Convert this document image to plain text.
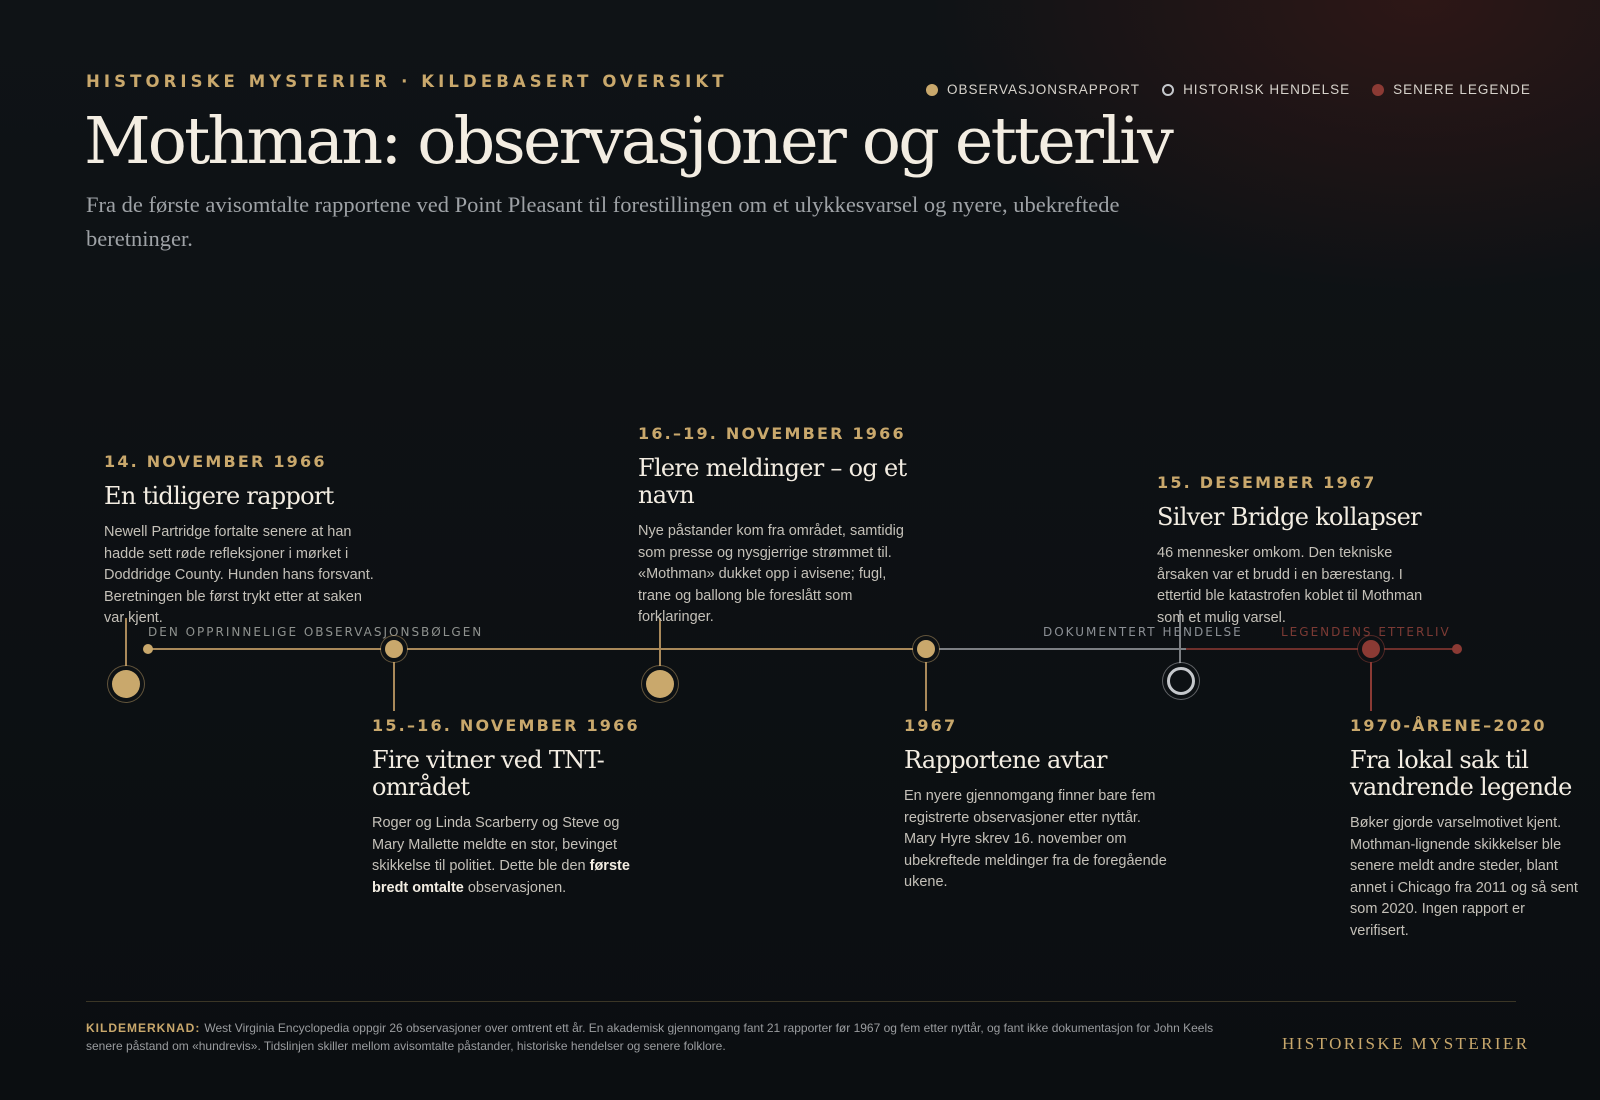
HISTORISKE MYSTERIER · KILDEBASERT OVERSIKT	OBSERVASJONSRAPPORT	HISTORISK HENDELSE	SENERE LEGENDE
Mothman: observasjoner og etterliv

Fra de første avisomtalte rapportene ved Point Pleasant til forestillingen om et ulykkesvarsel og nyere, ubekreftede beretninger.

DEN OPPRINNELIGE OBSERVASJONSBØLGEN	DOKUMENTERT HENDELSE	LEGENDENS ETTERLIV
14. NOVEMBER 1966
En tidligere rapport
Newell Partridge fortalte senere at han hadde sett røde refleksjoner i mørket i Doddridge County. Hunden hans forsvant. Beretningen ble først trykt etter at saken var kjent.
15.–16. NOVEMBER 1966
Fire vitner ved TNT-området
Roger og Linda Scarberry og Steve og Mary Mallette meldte en stor, bevinget skikkelse til politiet. Dette ble den første bredt omtalte observasjonen.
16.–19. NOVEMBER 1966
Flere meldinger – og et navn
Nye påstander kom fra området, samtidig som presse og nysgjerrige strømmet til. «Mothman» dukket opp i avisene; fugl, trane og ballong ble foreslått som forklaringer.
1967
Rapportene avtar
En nyere gjennomgang finner bare fem registrerte observasjoner etter nyttår. Mary Hyre skrev 16. november om ubekreftede meldinger fra de foregående ukene.
15. DESEMBER 1967
Silver Bridge kollapser
46 mennesker omkom. Den tekniske årsaken var et brudd i en bærestang. I ettertid ble katastrofen koblet til Mothman som et mulig varsel.
1970-ÅRENE–2020
Fra lokal sak til vandrende legende
Bøker gjorde varselmotivet kjent. Mothman-lignende skikkelser ble senere meldt andre steder, blant annet i Chicago fra 2011 og så sent som 2020. Ingen rapport er verifisert.
KILDEMERKNAD: West Virginia Encyclopedia oppgir 26 observasjoner over omtrent ett år. En akademisk gjennomgang fant 21 rapporter før 1967 og fem etter nyttår, og fant ikke dokumentasjon for John Keels senere påstand om «hundrevis». Tidslinjen skiller mellom avisomtalte påstander, historiske hendelser og senere folklore.	HISTORISKE MYSTERIER
